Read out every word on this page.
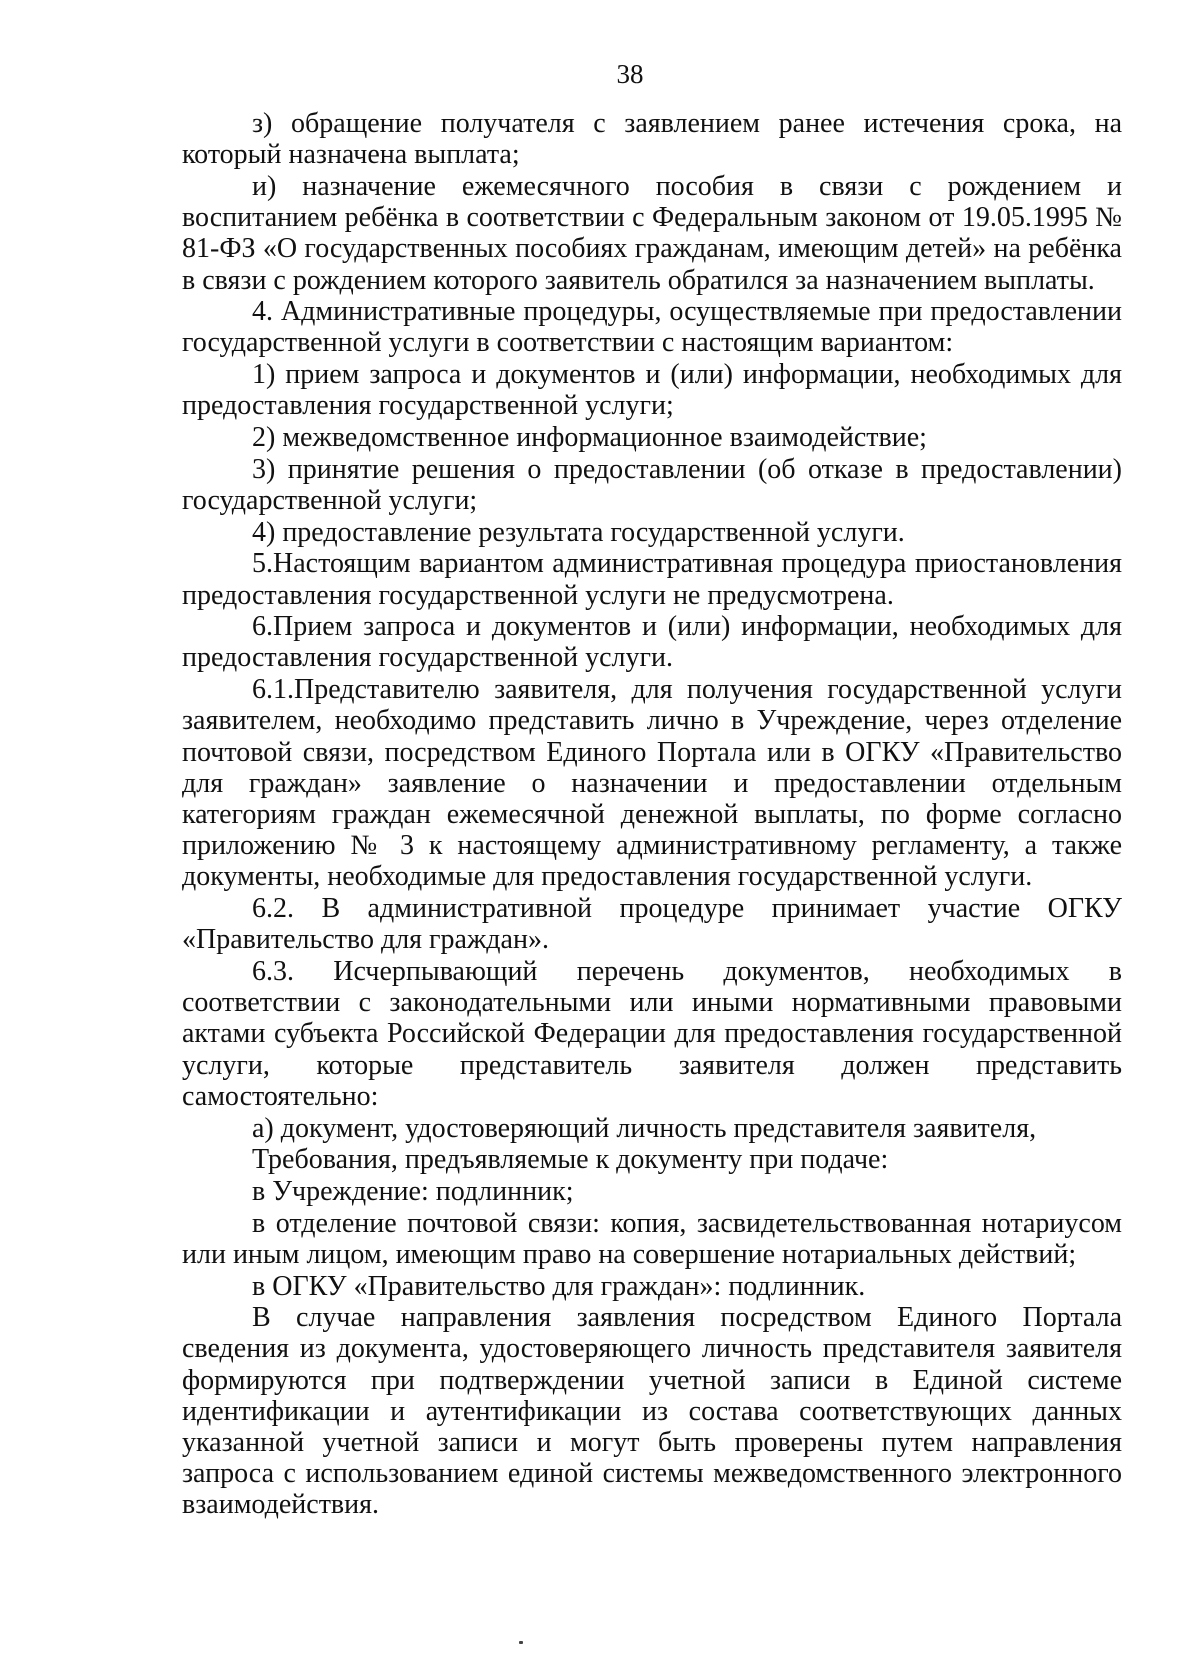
38

з) обращение получателя с заявлением ранее истечения срока, на который назначена выплата;

и) назначение ежемесячного пособия в связи с рождением и воспитанием ребёнка в соответствии с Федеральным законом от 19.05.1995 № 81-ФЗ «О государственных пособиях гражданам, имеющим детей» на ребёнка в связи с рождением которого заявитель обратился за назначением выплаты.

4. Административные процедуры, осуществляемые при предоставлении государственной услуги в соответствии с настоящим вариантом:

1) прием запроса и документов и (или) информации, необходимых для предоставления государственной услуги;

2) межведомственное информационное взаимодействие;

3) принятие решения о предоставлении (об отказе в предоставлении) государственной услуги;

4) предоставление результата государственной услуги.

5.Настоящим вариантом административная процедура приостановления предоставления государственной услуги не предусмотрена.

6.Прием запроса и документов и (или) информации, необходимых для предоставления государственной услуги.

6.1.Представителю заявителя, для получения государственной услуги заявителем, необходимо представить лично в Учреждение, через отделение почтовой связи, посредством Единого Портала или в ОГКУ «Правительство для граждан» заявление о назначении и предоставлении отдельным категориям граждан ежемесячной денежной выплаты, по форме согласно приложению № 3 к настоящему административному регламенту, а также документы, необходимые для предоставления государственной услуги.

6.2. В административной процедуре принимает участие ОГКУ «Правительство для граждан».

6.3. Исчерпывающий перечень документов, необходимых в соответствии с законодательными или иными нормативными правовыми актами субъекта Российской Федерации для предоставления государственной услуги, которые представитель заявителя должен представить самостоятельно:

а) документ, удостоверяющий личность представителя заявителя,

Требования, предъявляемые к документу при подаче:

в Учреждение: подлинник;

в отделение почтовой связи: копия, засвидетельствованная нотариусом или иным лицом, имеющим право на совершение нотариальных действий;

в ОГКУ «Правительство для граждан»: подлинник.

В случае направления заявления посредством Единого Портала сведения из документа, удостоверяющего личность представителя заявителя формируются при подтверждении учетной записи в Единой системе идентификации и аутентификации из состава соответствующих данных указанной учетной записи и могут быть проверены путем направления запроса с использованием единой системы межведомственного электронного взаимодействия.
